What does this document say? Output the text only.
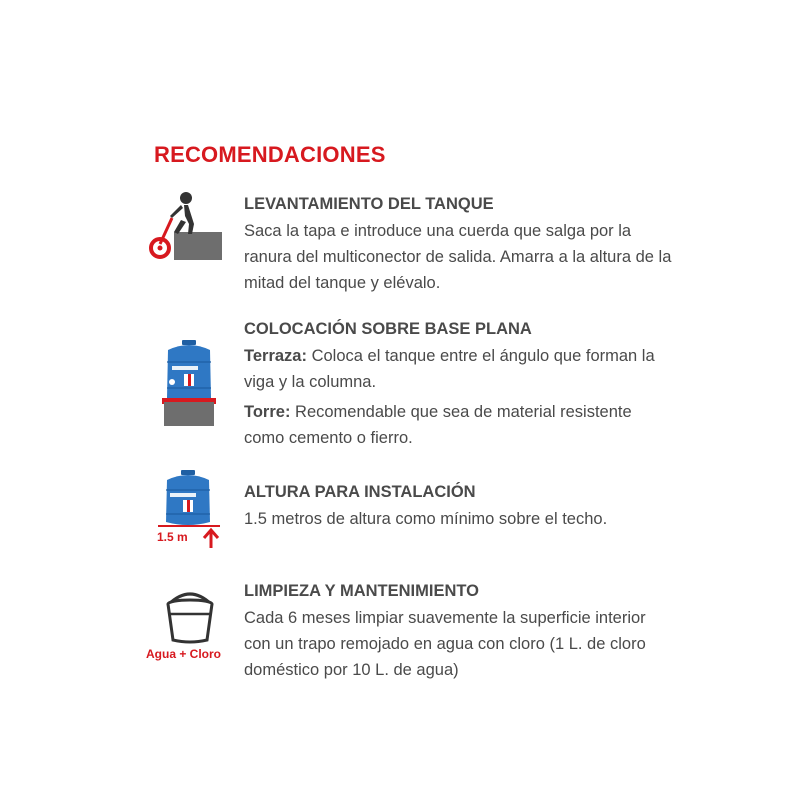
RECOMENDACIONES
LEVANTAMIENTO DEL TANQUE

Saca la tapa e introduce una cuerda que salga por la ranura del multiconector de salida. Amarra a la altura de la mitad del tanque y elévalo.

COLOCACIÓN SOBRE BASE PLANA

Terraza: Coloca el tanque entre el ángulo que forman la viga y la columna.

Torre: Recomendable que sea de material resistente como cemento o fierro.

1.5 m
ALTURA PARA INSTALACIÓN

1.5 metros de altura como mínimo sobre el techo.

Agua + Cloro
LIMPIEZA Y MANTENIMIENTO

Cada 6 meses limpiar suavemente la superficie interior con un trapo remojado en agua con cloro (1 L. de cloro doméstico por 10 L. de agua)
